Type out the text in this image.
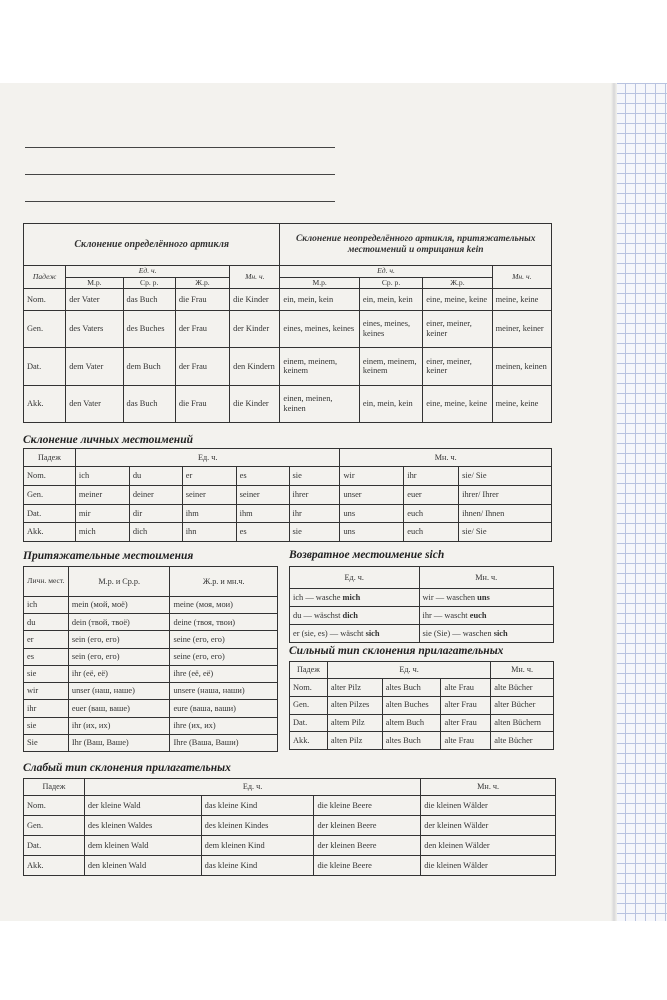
Склонение определённого артикля					Склонение неопределённого артикля, притяжательных местоимений и отрицания kein			
Падеж	Ед. ч.			Мн. ч.	Ед. ч.			Мн. ч.
	М.р.	Ср. р.	Ж.р.		М.р.	Ср. р.	Ж.р.	
Nom.	der Vater	das Buch	die Frau	die Kinder	ein, mein, kein	ein, mein, kein	eine, meine, keine	meine, keine
Gen.	des Vaters	des Buches	der Frau	der Kinder	eines, meines, keines	eines, meines, keines	einer, meiner, keiner	meiner, keiner
Dat.	dem Vater	dem Buch	der Frau	den Kindern	einem, meinem, keinem	einem, meinem, keinem	einer, meiner, keiner	meinen, keinen
Akk.	den Vater	das Buch	die Frau	die Kinder	einen, meinen, keinen	ein, mein, kein	eine, meine, keine	meine, keine
Склонение личных местоимений
Падеж	Ед. ч.					Мн. ч.		
Nom.	ich	du	er	es	sie	wir	ihr	sie/ Sie
Gen.	meiner	deiner	seiner	seiner	ihrer	unser	euer	ihrer/ Ihrer
Dat.	mir	dir	ihm	ihm	ihr	uns	euch	ihnen/ Ihnen
Akk.	mich	dich	ihn	es	sie	uns	euch	sie/ Sie
Притяжательные местоимения
Личн. мест.	М.р. и Ср.р.	Ж.р. и мн.ч.
ich	mein (мой, моё)	meine (моя, мои)
du	dein (твой, твоё)	deine (твоя, твои)
er	sein (его, его)	seine (его, его)
es	sein (его, его)	seine (его, его)
sie	ihr (её, её)	ihre (её, её)
wir	unser (наш, наше)	unsere (наша, наши)
ihr	euer (ваш, ваше)	eure (ваша, ваши)
sie	ihr (их, их)	ihre (их, их)
Sie	Ihr (Ваш, Ваше)	Ihre (Ваша, Ваши)
Возвратное местоимение sich
Ед. ч.	Мн. ч.
ich — wasche mich	wir — waschen uns
du — wäschst dich	ihr — wascht euch
er (sie, es) — wäscht sich	sie (Sie) — waschen sich
Сильный тип склонения прилагательных
Падеж	Ед. ч.			Мн. ч.
Nom.	alter Pilz	altes Buch	alte Frau	alte Bücher
Gen.	alten Pilzes	alten Buches	alter Frau	alter Bücher
Dat.	altem Pilz	altem Buch	alter Frau	alten Büchern
Akk.	alten Pilz	altes Buch	alte Frau	alte Bücher
Слабый тип склонения прилагательных
Падеж	Ед. ч.			Мн. ч.
Nom.	der kleine Wald	das kleine Kind	die kleine Beere	die kleinen Wälder
Gen.	des kleinen Waldes	des kleinen Kindes	der kleinen Beere	der kleinen Wälder
Dat.	dem kleinen Wald	dem kleinen Kind	der kleinen Beere	den kleinen Wälder
Akk.	den kleinen Wald	das kleine Kind	die kleine Beere	die kleinen Wälder
